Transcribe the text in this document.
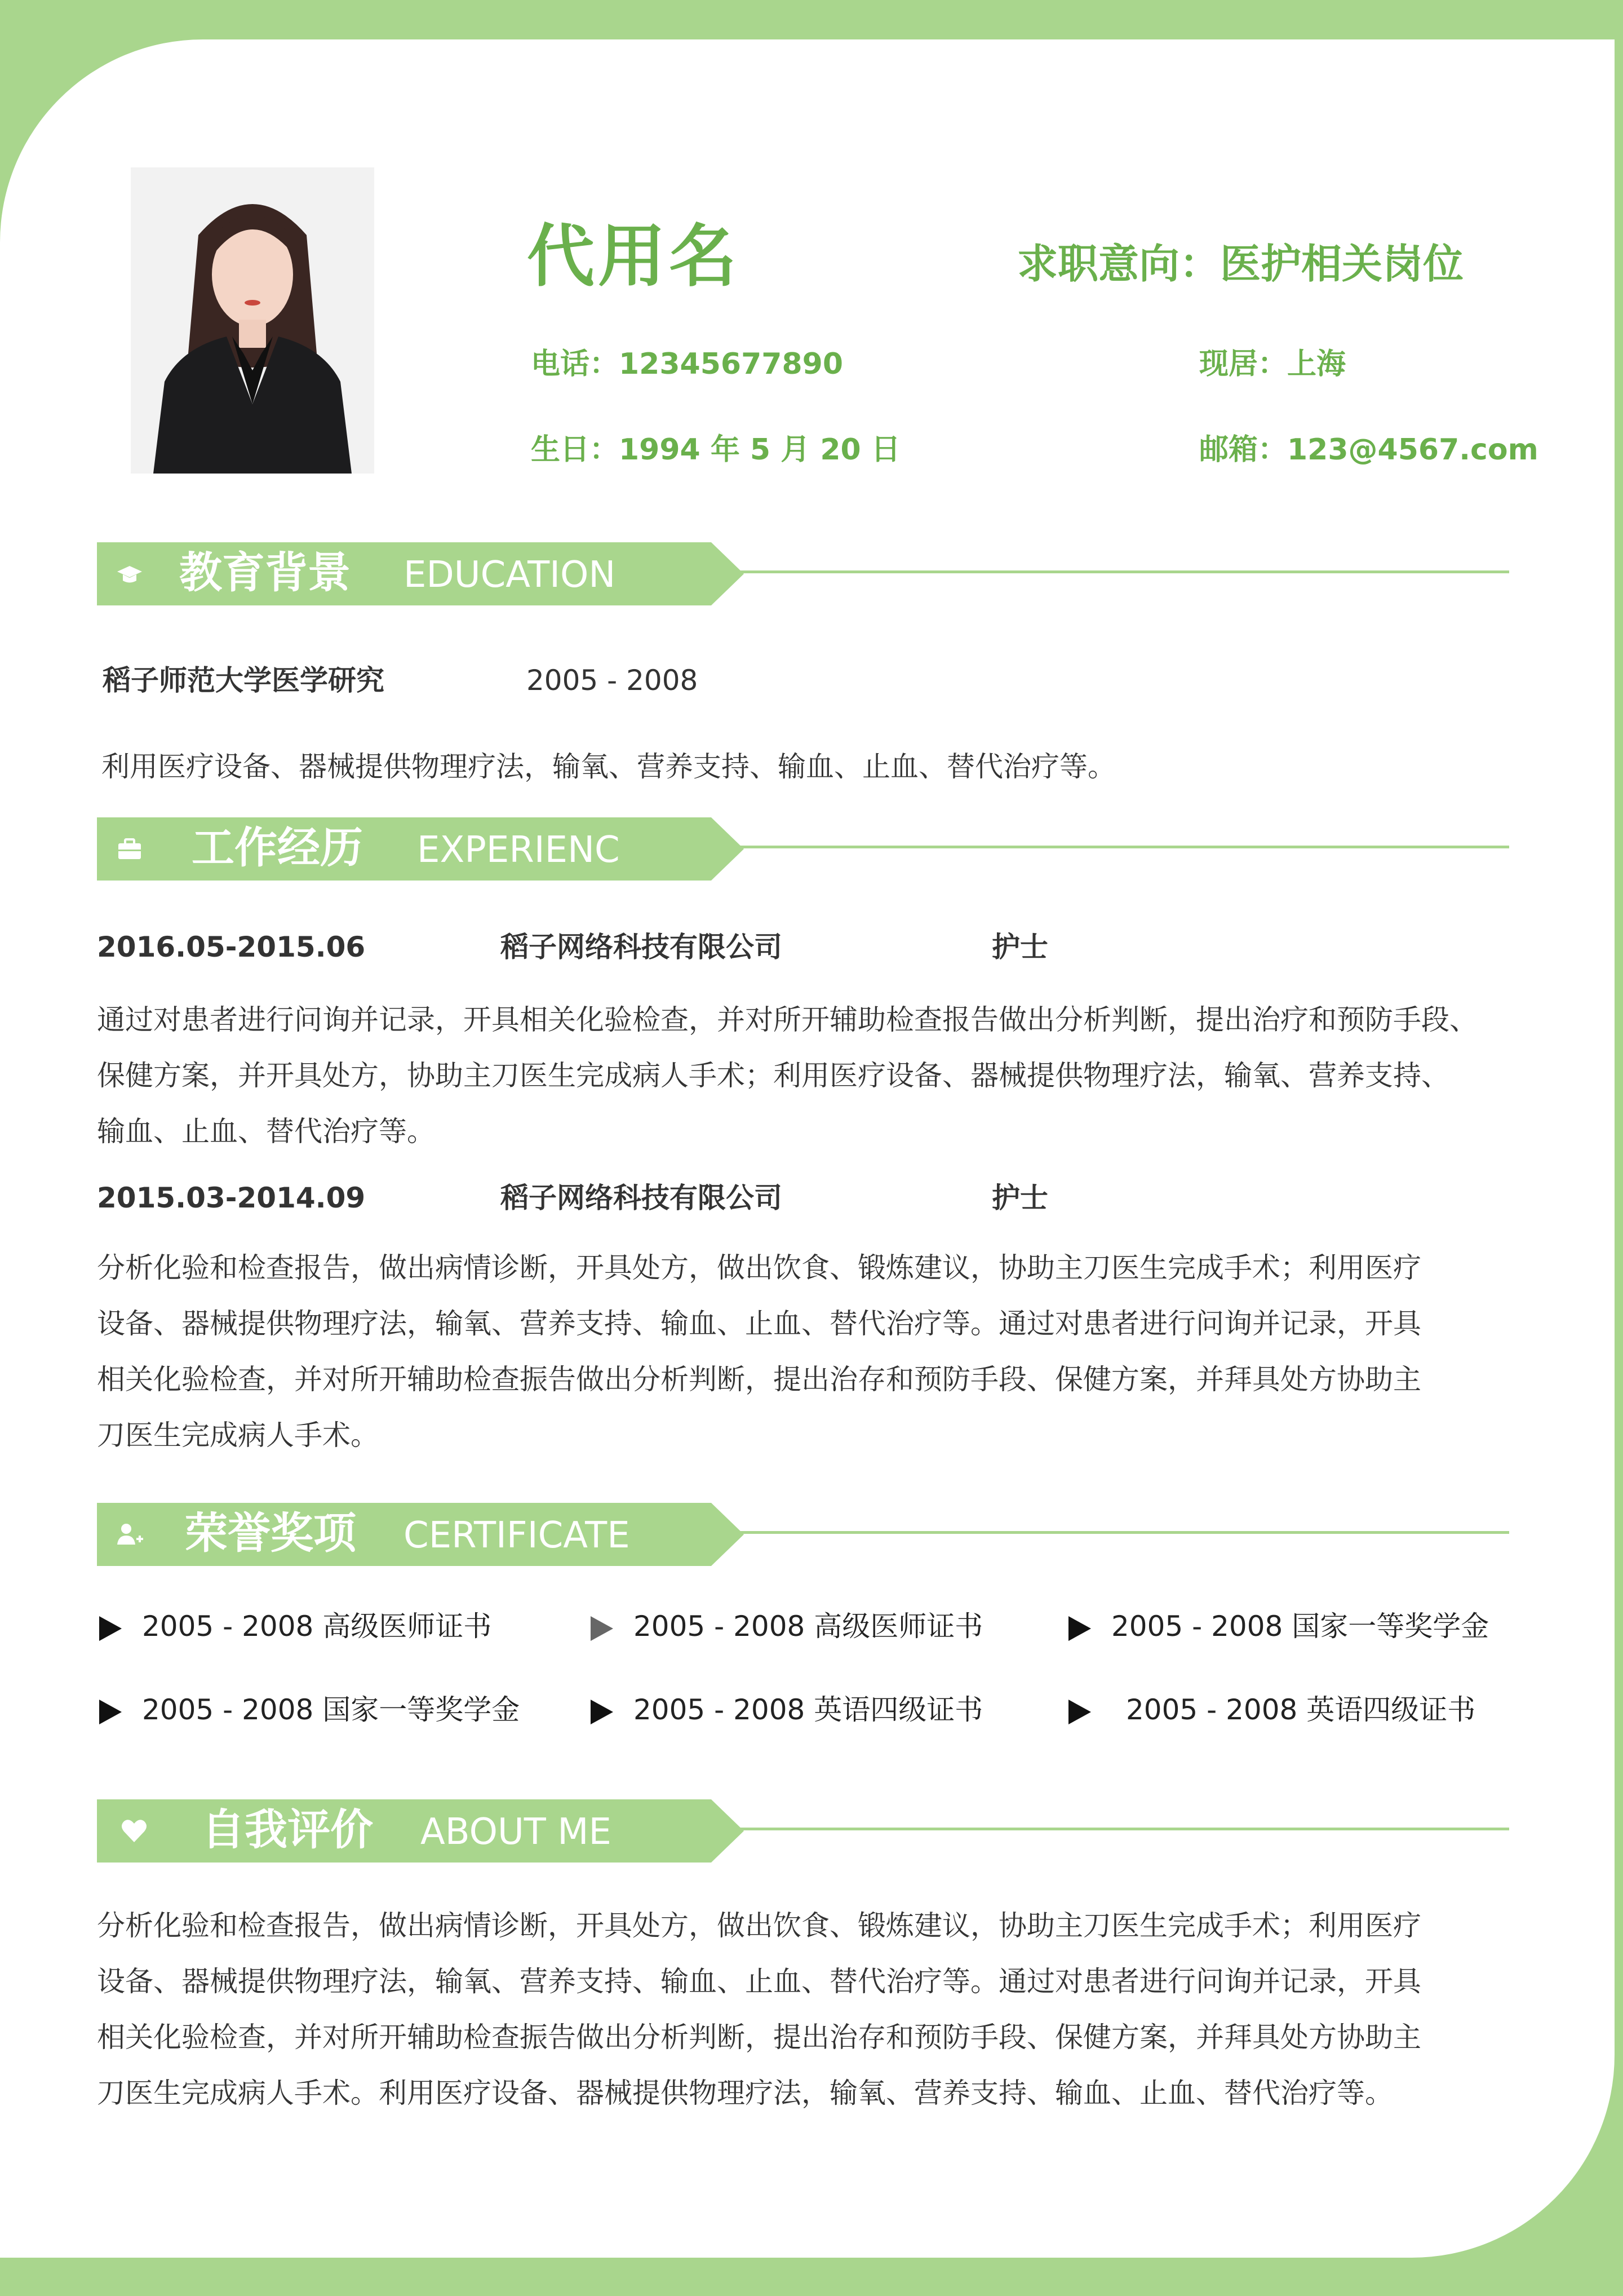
代用名	求职意向：医护相关岗位
电话：12345677890	现居：上海
生日：1994 年 5 月 20 日	邮箱：123@4567.com
教育背景 EDUCATION
稻子师范大学医学研究	2005 - 2008
利用医疗设备、器械提供物理疗法，输氧、营养支持、输血、止血、替代治疗等。
工作经历 EXPERIENC
2016.05-2015.06	稻子网络科技有限公司	护士
通过对患者进行问询并记录，开具相关化验检查，并对所开辅助检查报告做出分析判断，提出治疗和预防手段、
保健方案，并开具处方，协助主刀医生完成病人手术；利用医疗设备、器械提供物理疗法，输氧、营养支持、
输血、止血、替代治疗等。
2015.03-2014.09	稻子网络科技有限公司	护士
分析化验和检查报告，做出病情诊断，开具处方，做出饮食、锻炼建议，协助主刀医生完成手术；利用医疗
设备、器械提供物理疗法，输氧、营养支持、输血、止血、替代治疗等。通过对患者进行问询并记录，开具
相关化验检查，并对所开辅助检查振告做出分析判断，提出治存和预防手段、保健方案，并拜具处方协助主
刀医生完成病人手术。
荣誉奖项 CERTIFICATE
2005 - 2008 高级医师证书	2005 - 2008 高级医师证书	2005 - 2008 国家一等奖学金
2005 - 2008 国家一等奖学金	2005 - 2008 英语四级证书	2005 - 2008 英语四级证书
自我评价 ABOUT ME
分析化验和检查报告，做出病情诊断，开具处方，做出饮食、锻炼建议，协助主刀医生完成手术；利用医疗
设备、器械提供物理疗法，输氧、营养支持、输血、止血、替代治疗等。通过对患者进行问询并记录，开具
相关化验检查，并对所开辅助检查振告做出分析判断，提出治存和预防手段、保健方案，并拜具处方协助主
刀医生完成病人手术。利用医疗设备、器械提供物理疗法，输氧、营养支持、输血、止血、替代治疗等。
